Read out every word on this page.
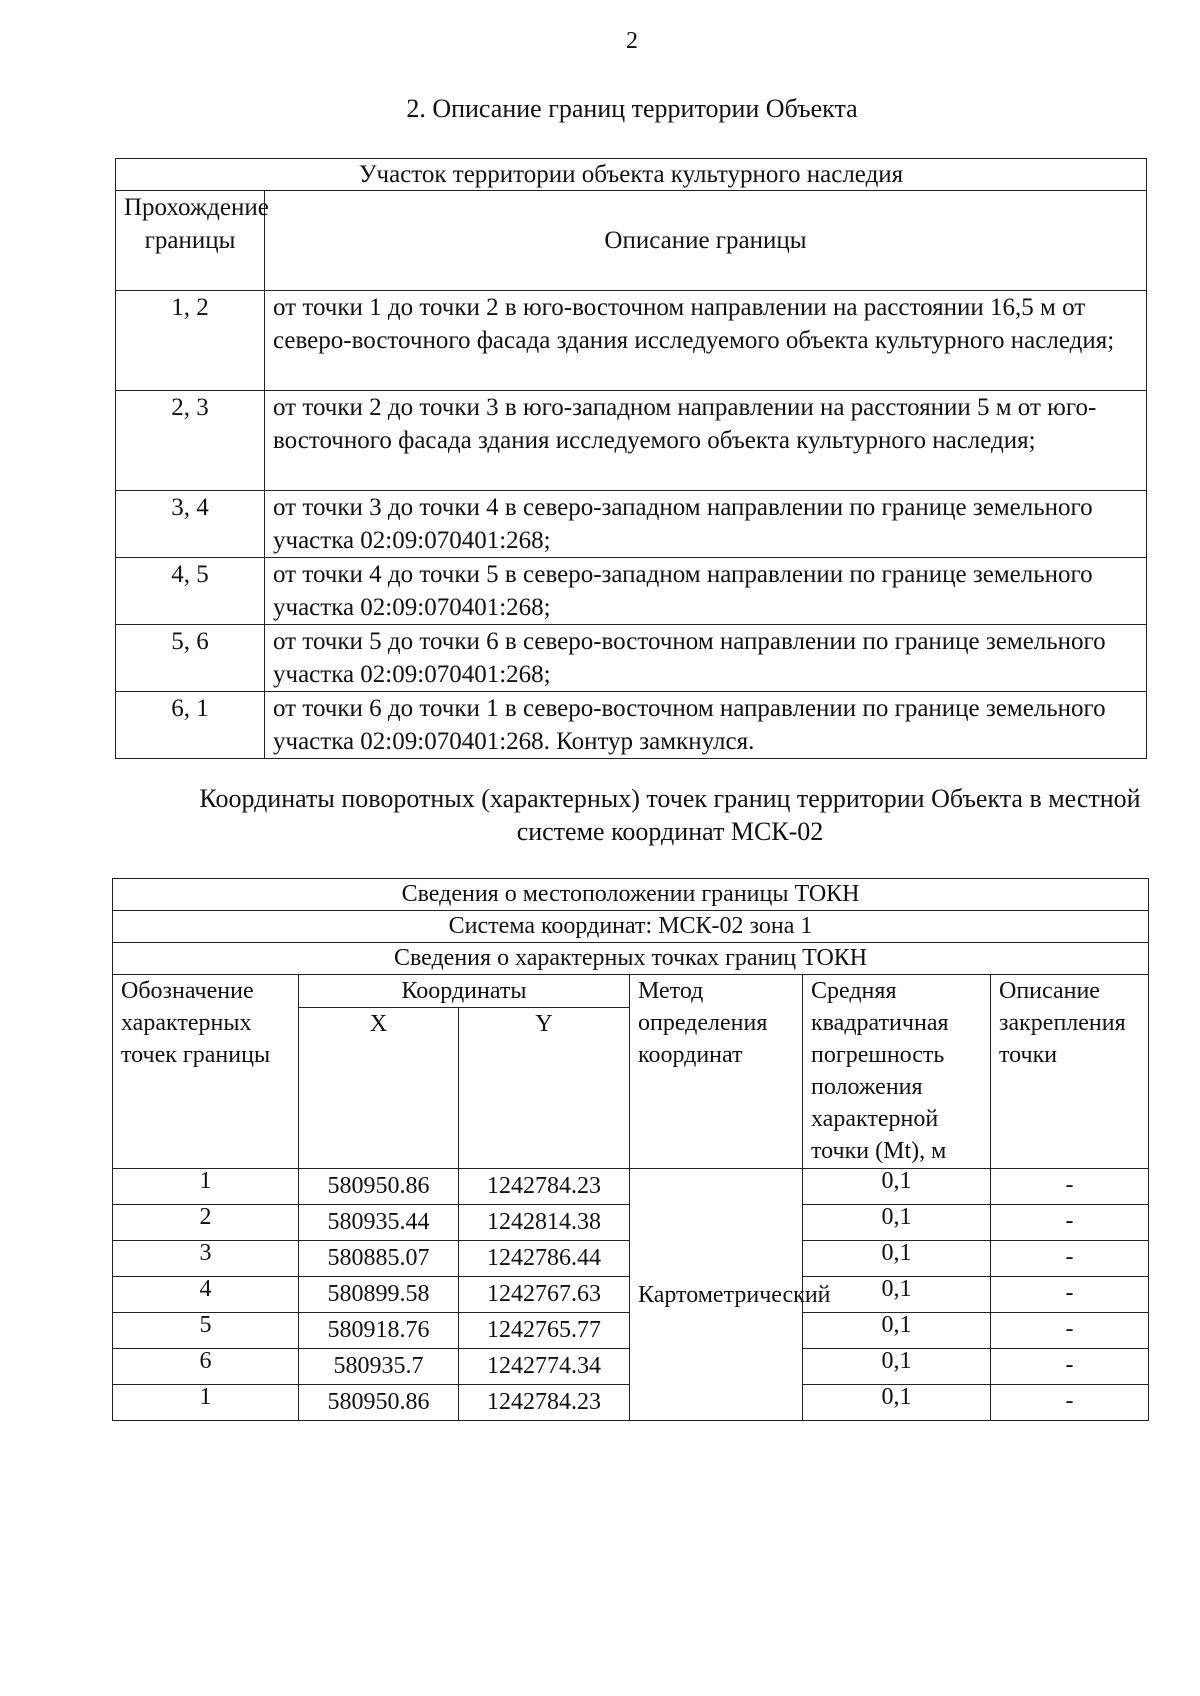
2
2. Описание границ территории Объекта
Участок территории объекта культурного наследия	
Прохождение границы	Описание границы
1, 2	от точки 1 до точки 2 в юго-восточном направлении на расстоянии 16,5 м от северо-восточного фасада здания исследуемого объекта культурного наследия;
2, 3	от точки 2 до точки 3 в юго-западном направлении на расстоянии 5 м от юго-восточного фасада здания исследуемого объекта культурного наследия;
3, 4	от точки 3 до точки 4 в северо-западном направлении по границе земельного участка 02:09:070401:268;
4, 5	от точки 4 до точки 5 в северо-западном направлении по границе земельного участка 02:09:070401:268;
5, 6	от точки 5 до точки 6 в северо-восточном направлении по границе земельного участка 02:09:070401:268;
6, 1	от точки 6 до точки 1 в северо-восточном направлении по границе земельного участка 02:09:070401:268. Контур замкнулся.
Координаты поворотных (характерных) точек границ территории Объекта в местной системе координат МСК-02
Сведения о местоположении границы ТОКН					
Система координат: МСК-02 зона 1					
Сведения о характерных точках границ ТОКН					
Обозначение характерных точек границы	Координаты		Метод определения координат	Средняя квадратичная погрешность положения характерной точки (Mt), м	Описание закрепления точки
	X	Y			
1	580950.86	1242784.23	Картометрический	0,1	-
2	580935.44	1242814.38		0,1	-
3	580885.07	1242786.44		0,1	-
4	580899.58	1242767.63		0,1	-
5	580918.76	1242765.77		0,1	-
6	580935.7	1242774.34		0,1	-
1	580950.86	1242784.23		0,1	-
